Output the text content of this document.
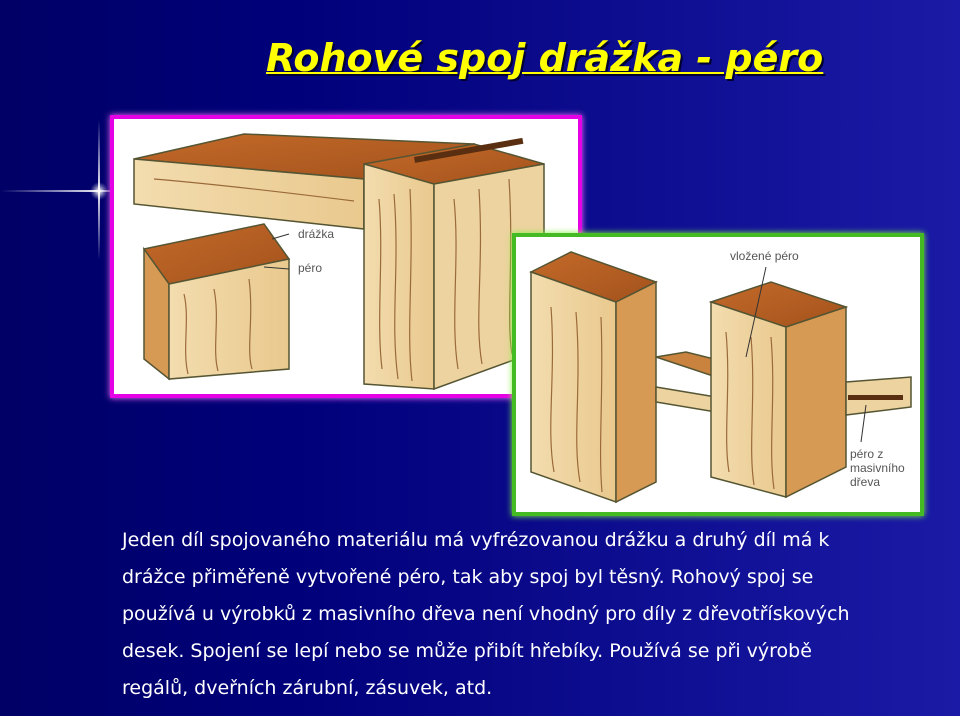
Rohové spoj drážka - péro
drážka
péro
vložené péro
péro z
masivního
dřeva
Jeden díl spojovaného materiálu má vyfrézovanou drážku a druhý díl má k
drážce přiměřeně vytvořené péro, tak aby spoj byl těsný. Rohový spoj se
používá u výrobků z masivního dřeva není vhodný pro díly z dřevotřískových
desek. Spojení se lepí nebo se může přibít hřebíky. Používá se při výrobě
regálů, dveřních zárubní, zásuvek, atd.
